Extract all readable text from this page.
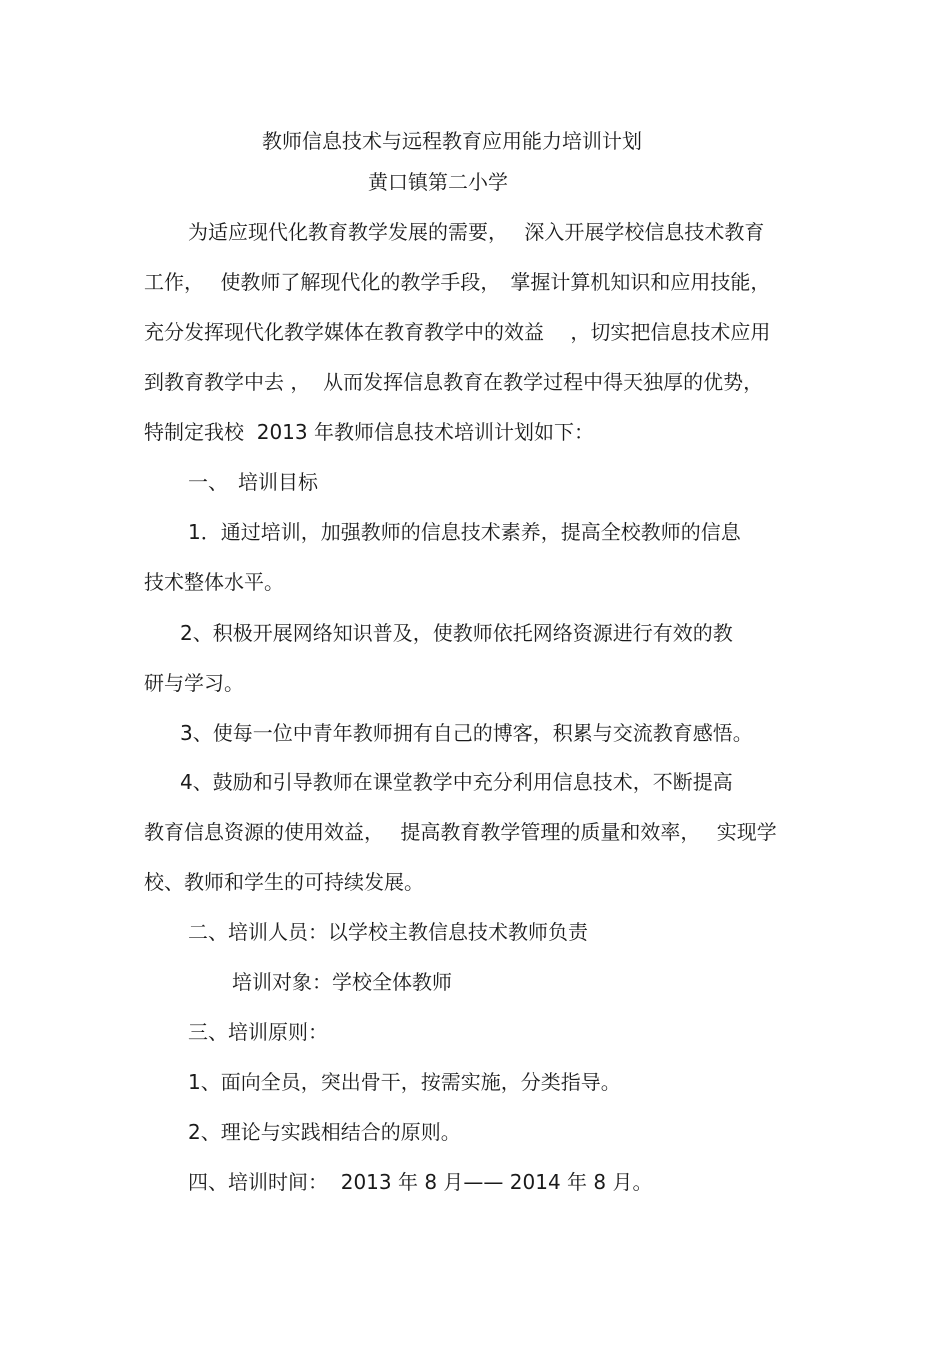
教师信息技术与远程教育应用能力培训计划

黄口镇第二小学

为适应现代化教育教学发展的需要，　 深入开展学校信息技术教育

工作，　 使教师了解现代化的教学手段，　掌握计算机知识和应用技能，

充分发挥现代化教学媒体在教育教学中的效益　 ，切实把信息技术应用

到教育教学中去 ，  从而发挥信息教育在教学过程中得天独厚的优势，

特制定我校  2013 年教师信息技术培训计划如下：

一、　培训目标

1．通过培训，加强教师的信息技术素养，提高全校教师的信息

技术整体水平。

2、积极开展网络知识普及，使教师依托网络资源进行有效的教

研与学习。

3、使每一位中青年教师拥有自己的博客，积累与交流教育感悟。

4、鼓励和引导教师在课堂教学中充分利用信息技术，不断提高

教育信息资源的使用效益，　 提高教育教学管理的质量和效率，　 实现学

校、教师和学生的可持续发展。

二、培训人员：以学校主教信息技术教师负责

培训对象：学校全体教师

三、培训原则：

1、面向全员，突出骨干，按需实施，分类指导。

2、理论与实践相结合的原则。

四、培训时间：  2013 年 8 月—— 2014 年 8 月。
